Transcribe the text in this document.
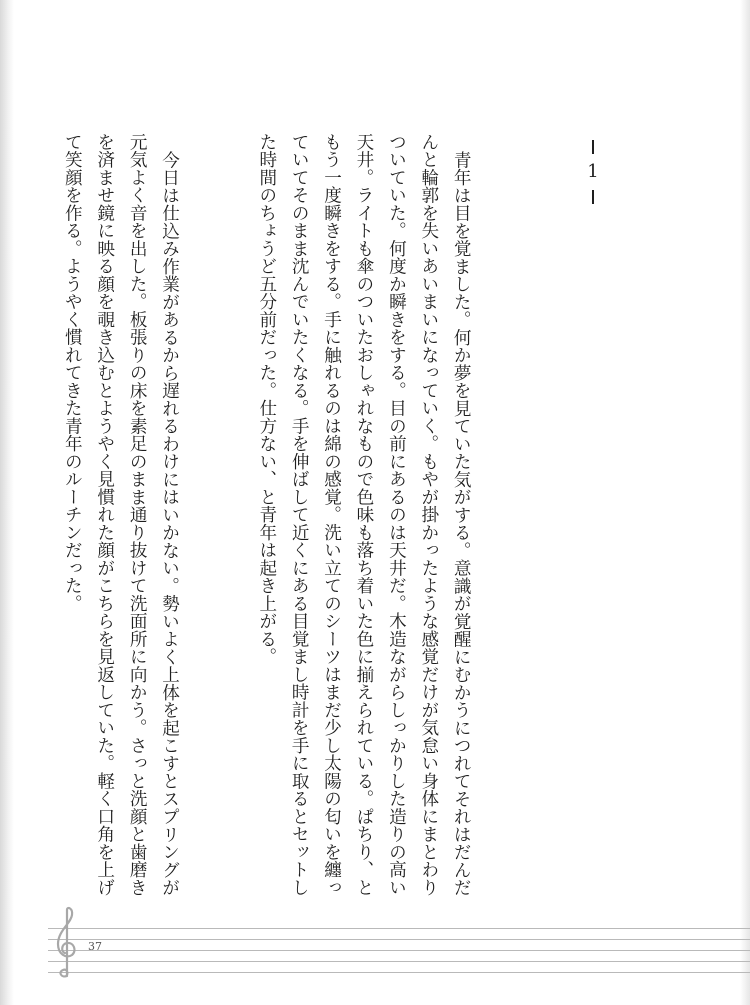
1

青年は目を覚ました。何か夢を見ていた気がする。意識が覚醒にむかうにつれてそれはだんだんと輪郭を失いあいまいになっていく。もやが掛かったような感覚だけが気怠い身体にまとわりついていた。何度か瞬きをする。目の前にあるのは天井だ。木造ながらしっかりした造りの高い天井。ライトも傘のついたおしゃれなもので色味も落ち着いた色に揃えられている。ぱちり、ともう一度瞬きをする。手に触れるのは綿の感覚。洗い立てのシーツはまだ少し太陽の匂いを纏っていてそのまま沈んでいたくなる。手を伸ばして近くにある目覚まし時計を手に取るとセットした時間のちょうど五分前だった。仕方ない、と青年は起き上がる。

今日は仕込み作業があるから遅れるわけにはいかない。勢いよく上体を起こすとスプリングが元気よく音を出した。板張りの床を素足のまま通り抜けて洗面所に向かう。さっと洗顔と歯磨きを済ませ鏡に映る顔を覗き込むとようやく見慣れた顔がこちらを見返していた。軽く口角を上げて笑顔を作る。ようやく慣れてきた青年のルーチンだった。

37
